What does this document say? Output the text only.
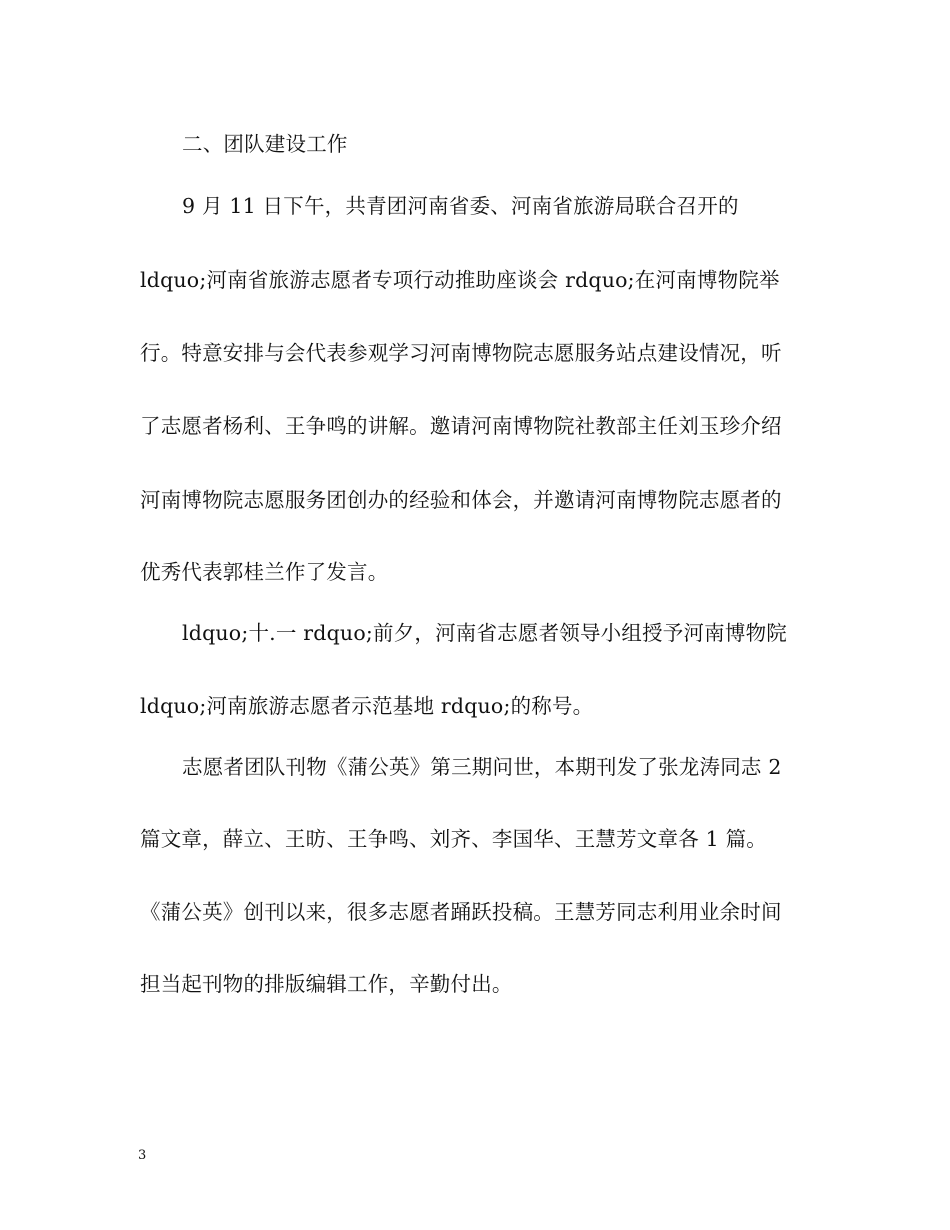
二、团队建设工作
9 月 11 日下午，共青团河南省委、河南省旅游局联合召开的
ldquo;河南省旅游志愿者专项行动推助座谈会 rdquo;在河南博物院举
行。特意安排与会代表参观学习河南博物院志愿服务站点建设情况，听
了志愿者杨利、王争鸣的讲解。邀请河南博物院社教部主任刘玉珍介绍
河南博物院志愿服务团创办的经验和体会，并邀请河南博物院志愿者的
优秀代表郭桂兰作了发言。
ldquo;十.一 rdquo;前夕，河南省志愿者领导小组授予河南博物院
ldquo;河南旅游志愿者示范基地 rdquo;的称号。
志愿者团队刊物《蒲公英》第三期问世，本期刊发了张龙涛同志 2
篇文章，薛立、王昉、王争鸣、刘齐、李国华、王慧芳文章各 1 篇。
《蒲公英》创刊以来，很多志愿者踊跃投稿。王慧芳同志利用业余时间
担当起刊物的排版编辑工作，辛勤付出。
3
